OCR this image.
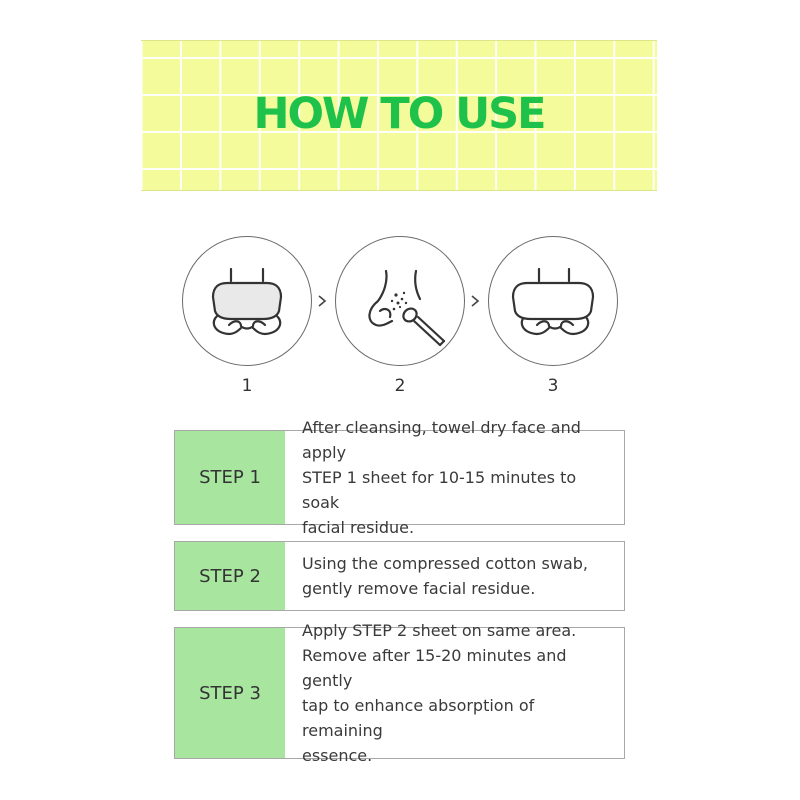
HOW TO USE
1	2	3
STEP 1
After cleansing, towel dry face and apply
STEP 1 sheet for 10-15 minutes to soak
facial residue.
STEP 2
Using the compressed cotton swab,
gently remove facial residue.
STEP 3
Apply STEP 2 sheet on same area.
Remove after 15-20 minutes and gently
tap to enhance absorption of remaining
essence.
